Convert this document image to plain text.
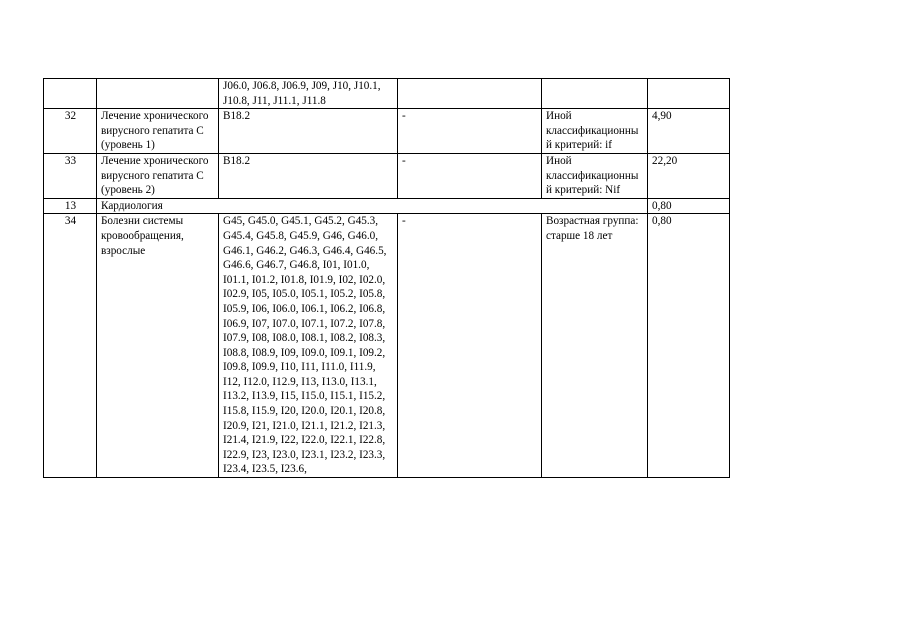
		J06.0, J06.8, J06.9, J09, J10, J10.1, J10.8, J11, J11.1, J11.8			
32	Лечение хронического вирусного гепатита С (уровень 1)	В18.2	-	Иной классификационный критерий: if	4,90
33	Лечение хронического вирусного гепатита С (уровень 2)	В18.2	-	Иной классификационный критерий: Nif	22,20
13	Кардиология				0,80
34	Болезни системы кровообращения, взрослые	G45, G45.0, G45.1, G45.2, G45.3, G45.4, G45.8, G45.9, G46, G46.0, G46.1, G46.2, G46.3, G46.4, G46.5, G46.6, G46.7, G46.8, I01, I01.0, I01.1, I01.2, I01.8, I01.9, I02, I02.0, I02.9, I05, I05.0, I05.1, I05.2, I05.8, I05.9, I06, I06.0, I06.1, I06.2, I06.8, I06.9, I07, I07.0, I07.1, I07.2, I07.8, I07.9, I08, I08.0, I08.1, I08.2, I08.3, I08.8, I08.9, I09, I09.0, I09.1, I09.2, I09.8, I09.9, I10, I11, I11.0, I11.9, I12, I12.0, I12.9, I13, I13.0, I13.1, I13.2, I13.9, I15, I15.0, I15.1, I15.2, I15.8, I15.9, I20, I20.0, I20.1, I20.8, I20.9, I21, I21.0, I21.1, I21.2, I21.3, I21.4, I21.9, I22, I22.0, I22.1, I22.8, I22.9, I23, I23.0, I23.1, I23.2, I23.3, I23.4, I23.5, I23.6,	-	Возрастная группа: старше 18 лет	0,80
